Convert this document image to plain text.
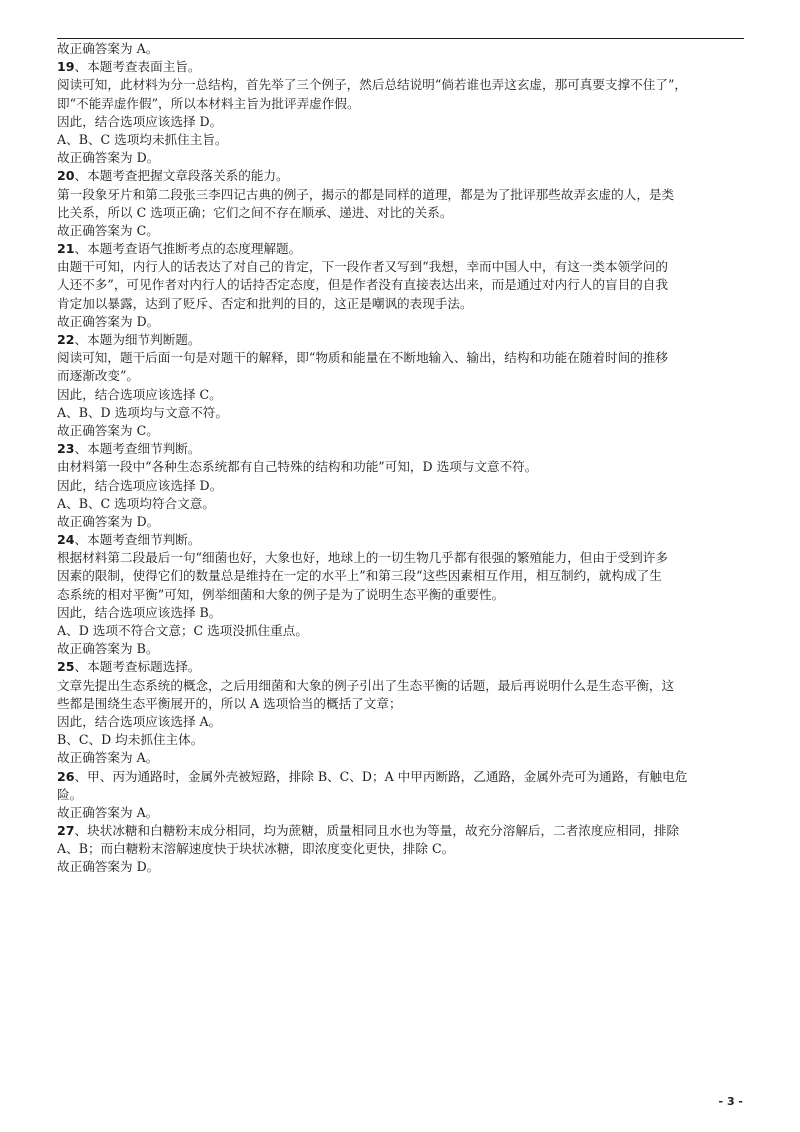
故正确答案为 A。
19、本题考查表面主旨。
阅读可知，此材料为分一总结构，首先举了三个例子，然后总结说明“倘若谁也弄这玄虚，那可真要支撑不住了”，
即“不能弄虚作假”，所以本材料主旨为批评弄虚作假。
因此，结合选项应该选择 D。
A、B、C 选项均未抓住主旨。
故正确答案为 D。
20、本题考查把握文章段落关系的能力。
第一段象牙片和第二段张三李四记古典的例子，揭示的都是同样的道理，都是为了批评那些故弄玄虚的人，是类
比关系，所以 C 选项正确；它们之间不存在顺承、递进、对比的关系。
故正确答案为 C。
21、本题考查语气推断考点的态度理解题。
由题干可知，内行人的话表达了对自己的肯定，下一段作者又写到“我想，幸而中国人中，有这一类本领学问的
人还不多”，可见作者对内行人的话持否定态度，但是作者没有直接表达出来，而是通过对内行人的盲目的自我
肯定加以暴露，达到了贬斥、否定和批判的目的，这正是嘲讽的表现手法。
故正确答案为 D。
22、本题为细节判断题。
阅读可知，题干后面一句是对题干的解释，即“物质和能量在不断地输入、输出，结构和功能在随着时间的推移
而逐渐改变”。
因此，结合选项应该选择 C。
A、B、D 选项均与文意不符。
故正确答案为 C。
23、本题考查细节判断。
由材料第一段中“各种生态系统都有自己特殊的结构和功能”可知，D 选项与文意不符。
因此，结合选项应该选择 D。
A、B、C 选项均符合文意。
故正确答案为 D。
24、本题考查细节判断。
根据材料第二段最后一句“细菌也好，大象也好，地球上的一切生物几乎都有很强的繁殖能力，但由于受到许多
因素的限制，使得它们的数量总是维持在一定的水平上”和第三段“这些因素相互作用，相互制约，就构成了生
态系统的相对平衡”可知，例举细菌和大象的例子是为了说明生态平衡的重要性。
因此，结合选项应该选择 B。
A、D 选项不符合文意；C 选项没抓住重点。
故正确答案为 B。
25、本题考查标题选择。
文章先提出生态系统的概念，之后用细菌和大象的例子引出了生态平衡的话题，最后再说明什么是生态平衡，这
些都是围绕生态平衡展开的，所以 A 选项恰当的概括了文章；
因此，结合选项应该选择 A。
B、C、D 均未抓住主体。
故正确答案为 A。
26、甲、丙为通路时，金属外壳被短路，排除 B、C、D；A 中甲丙断路，乙通路，金属外壳可为通路，有触电危
险。
故正确答案为 A。
27、块状冰糖和白糖粉末成分相同，均为蔗糖，质量相同且水也为等量，故充分溶解后，二者浓度应相同，排除
A、B；而白糖粉末溶解速度快于块状冰糖，即浓度变化更快，排除 C。
故正确答案为 D。
- 3 -
